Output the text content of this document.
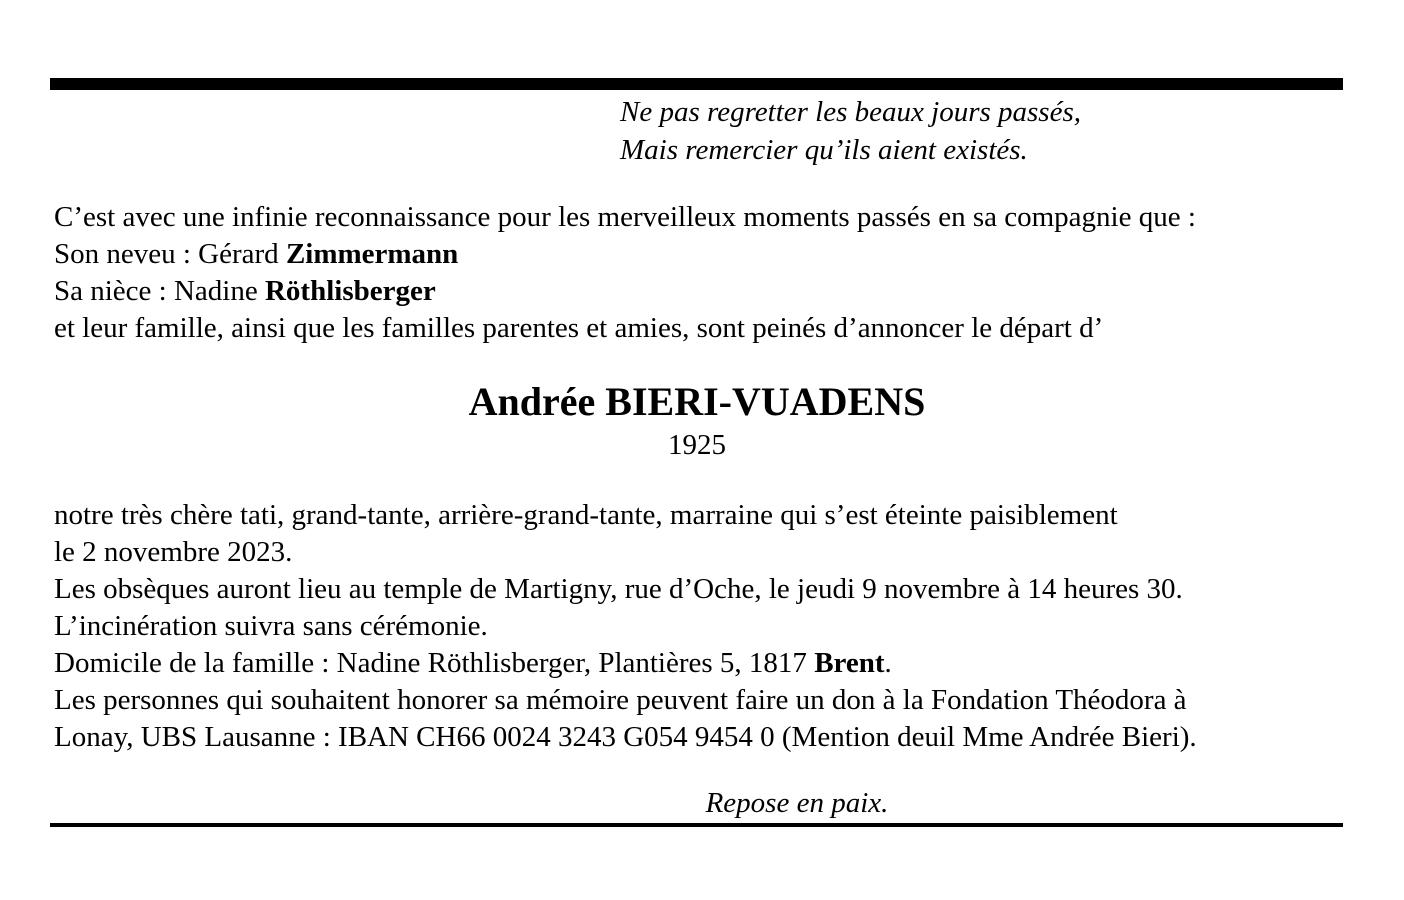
Ne pas regretter les beaux jours passés,
Mais remercier qu’ils aient existés.
C’est avec une infinie reconnaissance pour les merveilleux moments passés en sa compagnie que :
Son neveu : Gérard Zimmermann
Sa nièce : Nadine Röthlisberger
et leur famille, ainsi que les familles parentes et amies, sont peinés d’annoncer le départ d’
Andrée BIERI-VUADENS
1925
notre très chère tati, grand-tante, arrière-grand-tante, marraine qui s’est éteinte paisiblement
le 2 novembre 2023.
Les obsèques auront lieu au temple de Martigny, rue d’Oche, le jeudi 9 novembre à 14 heures 30.
L’incinération suivra sans cérémonie.
Domicile de la famille : Nadine Röthlisberger, Plantières 5, 1817 Brent.
Les personnes qui souhaitent honorer sa mémoire peuvent faire un don à la Fondation Théodora à
Lonay, UBS Lausanne : IBAN CH66 0024 3243 G054 9454 0 (Mention deuil Mme Andrée Bieri).
Repose en paix.
